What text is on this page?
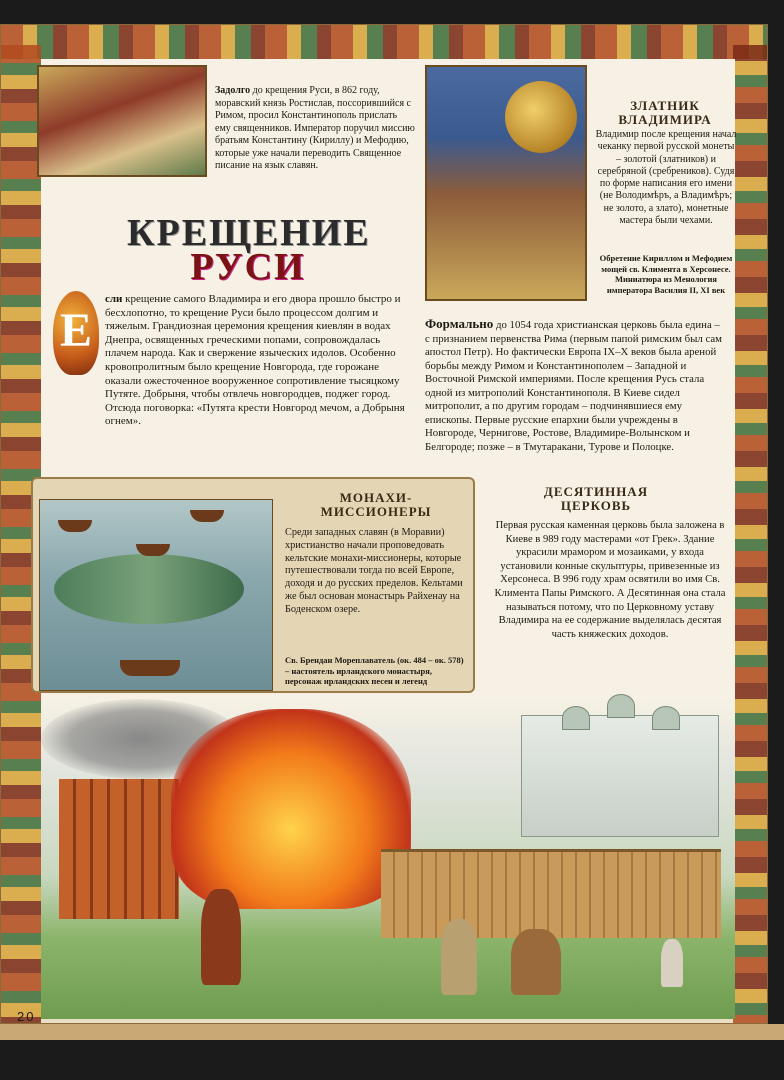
Задолго до крещения Руси, в 862 году, моравский князь Ростислав, поссорившийся с Римом, просил Константинополь прислать ему священников. Император поручил миссию братьям Константину (Кириллу) и Мефодию, которые уже начали переводить Священное писание на язык славян.
КРЕЩЕНИЕ
РУСИ
Е
сли крещение самого Владимира и его двора прошло быстро и бесхлопотно, то крещение Руси было процессом долгим и тяжелым. Грандиозная церемония крещения киевлян в водах Днепра, освященных греческими попами, сопровождалась плачем народа. Как и свержение языческих идолов. Особенно кровопролитным было крещение Новгорода, где горожане оказали ожесточенное вооруженное сопротивление тысяцкому Путяте. Добрыня, чтобы отвлечь новгородцев, поджег город. Отсюда поговорка: «Путята крести Новгород мечом, а Добрыня огнем».
ЗЛАТНИК
ВЛАДИМИРА
Владимир после крещения начал чеканку первой русской монеты – золотой (златников) и серебряной (сребреников). Судя по форме написания его имени (не Володимѣръ, а Владимѣръ; не золото, а злато), монетные мастера были чехами.
Обретение Кириллом и Мефодием мощей св. Климента в Херсонесе. Миниатюра из Менология императора Василия II, XI век
Формально до 1054 года христианская церковь была едина – с признанием первенства Рима (первым папой римским был сам апостол Петр). Но фактически Европа IX–X веков была ареной борьбы между Римом и Константинополем – Западной и Восточной Римской империями. После крещения Русь стала одной из митрополий Константинополя. В Киеве сидел митрополит, а по другим городам – подчинявшиеся ему епископы. Первые русские епархии были учреждены в Новгороде, Чернигове, Ростове, Владимире-Волынском и Белгороде; позже – в Тмутаракани, Турове и Полоцке.
МОНАХИ-
МИССИОНЕРЫ
Среди западных славян (в Моравии) христианство начали проповедовать кельтские монахи-миссионеры, которые путешествовали тогда по всей Европе, доходя и до русских пределов. Кельтами же был основан монастырь Райхенау на Боденском озере.
Св. Брендан Мореплаватель (ок. 484 – ок. 578) – настоятель ирландского монастыря, персонаж ирландских песен и легенд
ДЕСЯТИННАЯ
ЦЕРКОВЬ
Первая русская каменная церковь была заложена в Киеве в 989 году мастерами «от Грек». Здание украсили мрамором и мозаиками, у входа установили конные скульптуры, привезенные из Херсонеса. В 996 году храм освятили во имя Св. Климента Папы Римского. А Десятинная она стала называться потому, что по Церковному уставу Владимира на ее содержание выделялась десятая часть княжеских доходов.
20
